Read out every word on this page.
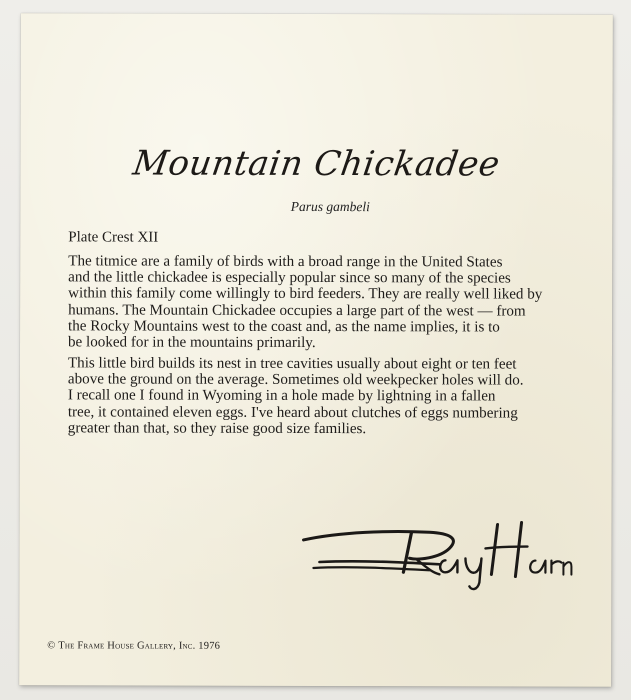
Mountain Chickadee
Parus gambeli
Plate Crest XII

The titmice are a family of birds with a broad range in the United States
and the little chickadee is especially popular since so many of the species
within this family come willingly to bird feeders. They are really well liked by
humans. The Mountain Chickadee occupies a large part of the west — from
the Rocky Mountains west to the coast and, as the name implies, it is to
be looked for in the mountains primarily.

This little bird builds its nest in tree cavities usually about eight or ten feet
above the ground on the average. Sometimes old weekpecker holes will do.
I recall one I found in Wyoming in a hole made by lightning in a fallen
tree, it contained eleven eggs. I've heard about clutches of eggs numbering
greater than that, so they raise good size families.

© The Frame House Gallery, Inc. 1976
